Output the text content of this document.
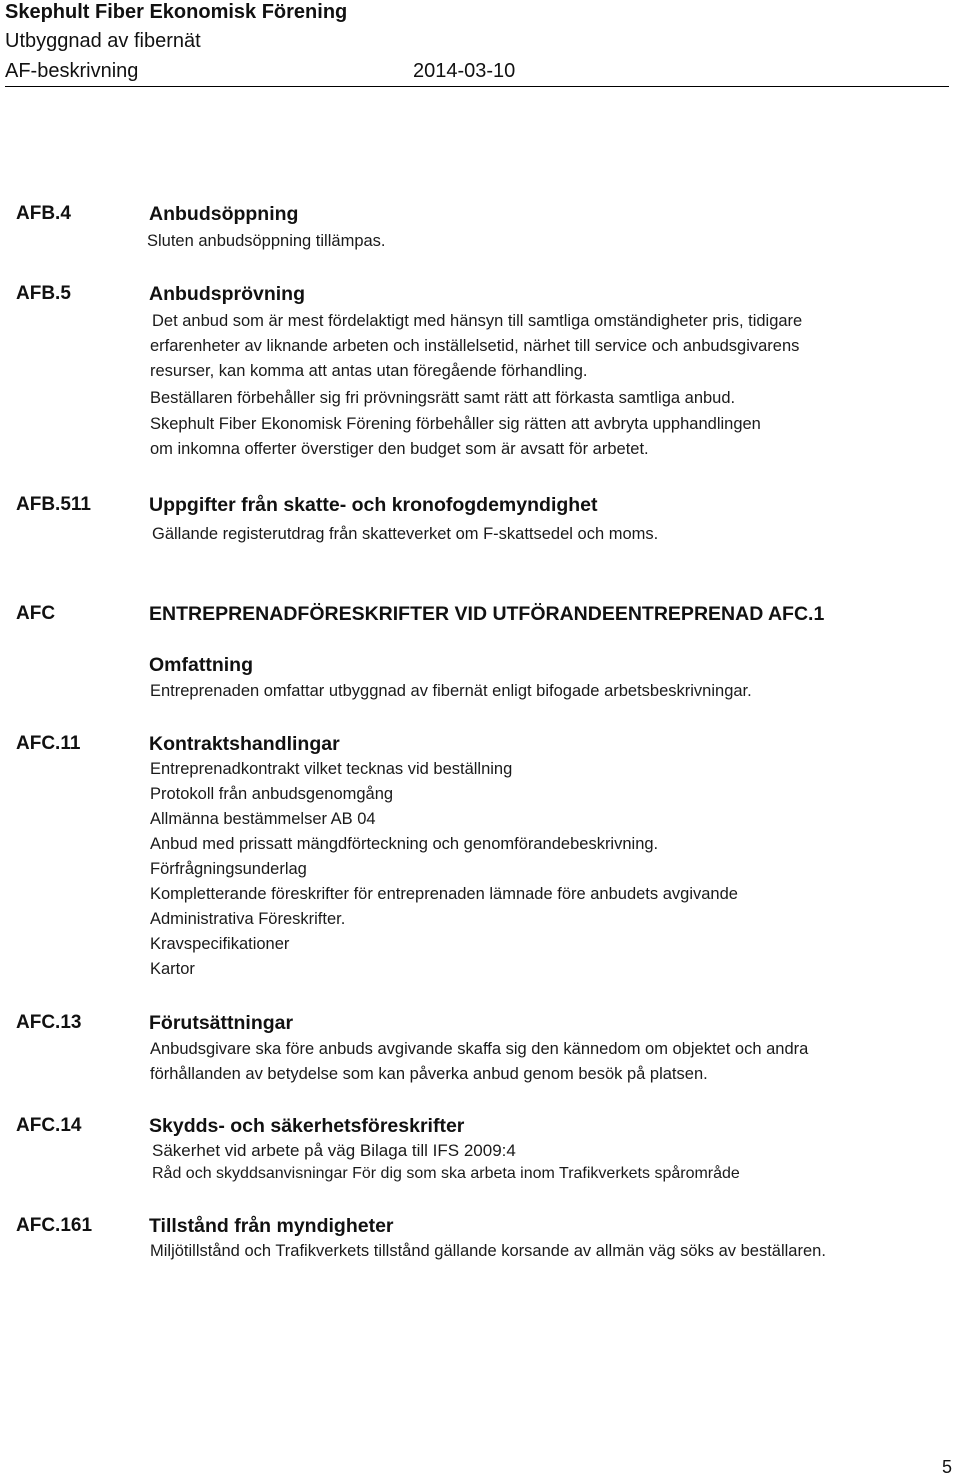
Skephult Fiber Ekonomisk Förening
Utbyggnad av fibernät
AF-beskrivning	2014-03-10
AFB.4	Anbudsöppning
Sluten anbudsöppning tillämpas.
AFB.5	Anbudsprövning
Det anbud som är mest fördelaktigt med hänsyn till samtliga omständigheter pris, tidigare
erfarenheter av liknande arbeten och inställelsetid, närhet till service och anbudsgivarens
resurser, kan komma att antas utan föregående förhandling.
Beställaren förbehåller sig fri prövningsrätt samt rätt att förkasta samtliga anbud.
Skephult Fiber Ekonomisk Förening förbehåller sig rätten att avbryta upphandlingen
om inkomna offerter överstiger den budget som är avsatt för arbetet.
AFB.511	Uppgifter från skatte- och kronofogdemyndighet
Gällande registerutdrag från skatteverket om F-skattsedel och moms.
AFC	ENTREPRENADFÖRESKRIFTER VID UTFÖRANDEENTREPRENAD AFC.1
Omfattning
Entreprenaden omfattar utbyggnad av fibernät enligt bifogade arbetsbeskrivningar.
AFC.11	Kontraktshandlingar
Entreprenadkontrakt vilket tecknas vid beställning
Protokoll från anbudsgenomgång
Allmänna bestämmelser AB 04
Anbud med prissatt mängdförteckning och genomförandebeskrivning.
Förfrågningsunderlag
Kompletterande föreskrifter för entreprenaden lämnade före anbudets avgivande
Administrativa Föreskrifter.
Kravspecifikationer
Kartor
AFC.13	Förutsättningar
Anbudsgivare ska före anbuds avgivande skaffa sig den kännedom om objektet och andra
förhållanden av betydelse som kan påverka anbud genom besök på platsen.
AFC.14	Skydds- och säkerhetsföreskrifter
Säkerhet vid arbete på väg Bilaga till IFS 2009:4
Råd och skyddsanvisningar För dig som ska arbeta inom Trafikverkets spårområde
AFC.161	Tillstånd från myndigheter
Miljötillstånd och Trafikverkets tillstånd gällande korsande av allmän väg söks av beställaren.
5
